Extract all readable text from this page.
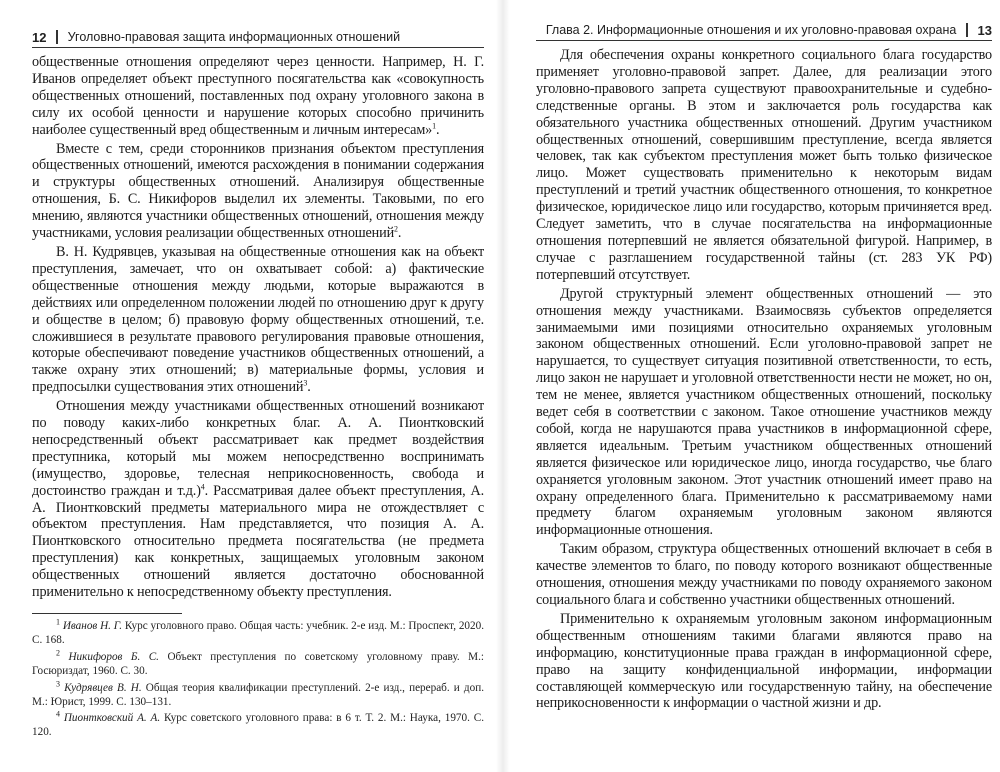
12 Уголовно-правовая защита информационных отношений

общественные отношения определяют через ценности. Например, Н. Г. Иванов определяет объект преступного посягательства как «совокупность общественных отношений, поставленных под охрану уголовного закона в силу их особой ценности и нарушение которых способно причинить наиболее существенный вред общественным и личным интересам»$^1$.

Вместе с тем, среди сторонников признания объектом преступления общественных отношений, имеются расхождения в понимании содержания и структуры общественных отношений. Анализируя общественные отношения, Б. С. Никифоров выделил их элементы. Таковыми, по его мнению, являются участники общественных отношений, отношения между участниками, условия реализации общественных отношений$^2$.

В. Н. Кудрявцев, указывая на общественные отношения как на объект преступления, замечает, что он охватывает собой: а) фактические общественные отношения между людьми, которые выражаются в действиях или определенном положении людей по отношению друг к другу и обществе в целом; б) правовую форму общественных отношений, т.е. сложившиеся в результате правового регулирования правовые отношения, которые обеспечивают поведение участников общественных отношений, а также охрану этих отношений; в) материальные формы, условия и предпосылки существования этих отношений$^3$.

Отношения между участниками общественных отношений возникают по поводу каких-либо конкретных благ. А. А. Пионтковский непосредственный объект рассматривает как предмет воздействия преступника, который мы можем непосредственно воспринимать (имущество, здоровье, телесная неприкосновенность, свобода и достоинство граждан и т.д.)$^4$. Рассматривая далее объект преступления, А. А. Пионтковский предметы материального мира не отождествляет с объектом преступления. Нам представляется, что позиция А. А. Пионтковского относительно предмета посягательства (не предмета преступления) как конкретных, защищаемых уголовным законом общественных отношений является достаточно обоснованной применительно к непосредственному объекту преступления.

$^1$ Иванов Н. Г. Курс уголовного право. Общая часть: учебник. 2-е изд. М.: Проспект, 2020. С. 168.
$^2$ Никифоров Б. С. Объект преступления по советскому уголовному праву. М.: Госюриздат, 1960. С. 30.
$^3$ Кудрявцев В. Н. Общая теория квалификации преступлений. 2-е изд., перераб. и доп. М.: Юрист, 1999. С. 130–131.
$^4$ Пионтковский А. А. Курс советского уголовного права: в 6 т. Т. 2. М.: Наука, 1970. С. 120.
Глава 2. Информационные отношения и их уголовно-правовая охрана 13

Для обеспечения охраны конкретного социального блага государство применяет уголовно-правовой запрет. Далее, для реализации этого уголовно-правового запрета существуют правоохранительные и судебно-следственные органы. В этом и заключается роль государства как обязательного участника общественных отношений. Другим участником общественных отношений, совершившим преступление, всегда является человек, так как субъектом преступления может быть только физическое лицо. Может существовать применительно к некоторым видам преступлений и третий участник общественного отношения, то конкретное физическое, юридическое лицо или государство, которым причиняется вред. Следует заметить, что в случае посягательства на информационные отношения потерпевший не является обязательной фигурой. Например, в случае с разглашением государственной тайны (ст. 283 УК РФ) потерпевший отсутствует.

Другой структурный элемент общественных отношений — это отношения между участниками. Взаимосвязь субъектов определяется занимаемыми ими позициями относительно охраняемых уголовным законом общественных отношений. Если уголовно-правовой запрет не нарушается, то существует ситуация позитивной ответственности, то есть, лицо закон не нарушает и уголовной ответственности нести не может, но он, тем не менее, является участником общественных отношений, поскольку ведет себя в соответствии с законом. Такое отношение участников между собой, когда не нарушаются права участников в информационной сфере, является идеальным. Третьим участником общественных отношений является физическое или юридическое лицо, иногда государство, чье благо охраняется уголовным законом. Этот участник отношений имеет право на охрану определенного блага. Применительно к рассматриваемому нами предмету благом охраняемым уголовным законом являются информационные отношения.

Таким образом, структура общественных отношений включает в себя в качестве элементов то благо, по поводу которого возникают общественные отношения, отношения между участниками по поводу охраняемого законом социального блага и собственно участники общественных отношений.

Применительно к охраняемым уголовным законом информационным общественным отношениям такими благами являются право на информацию, конституционные права граждан в информационной сфере, право на защиту конфиденциальной информации, информации составляющей коммерческую или государственную тайну, на обеспечение неприкосновенности к информации о частной жизни и др.
